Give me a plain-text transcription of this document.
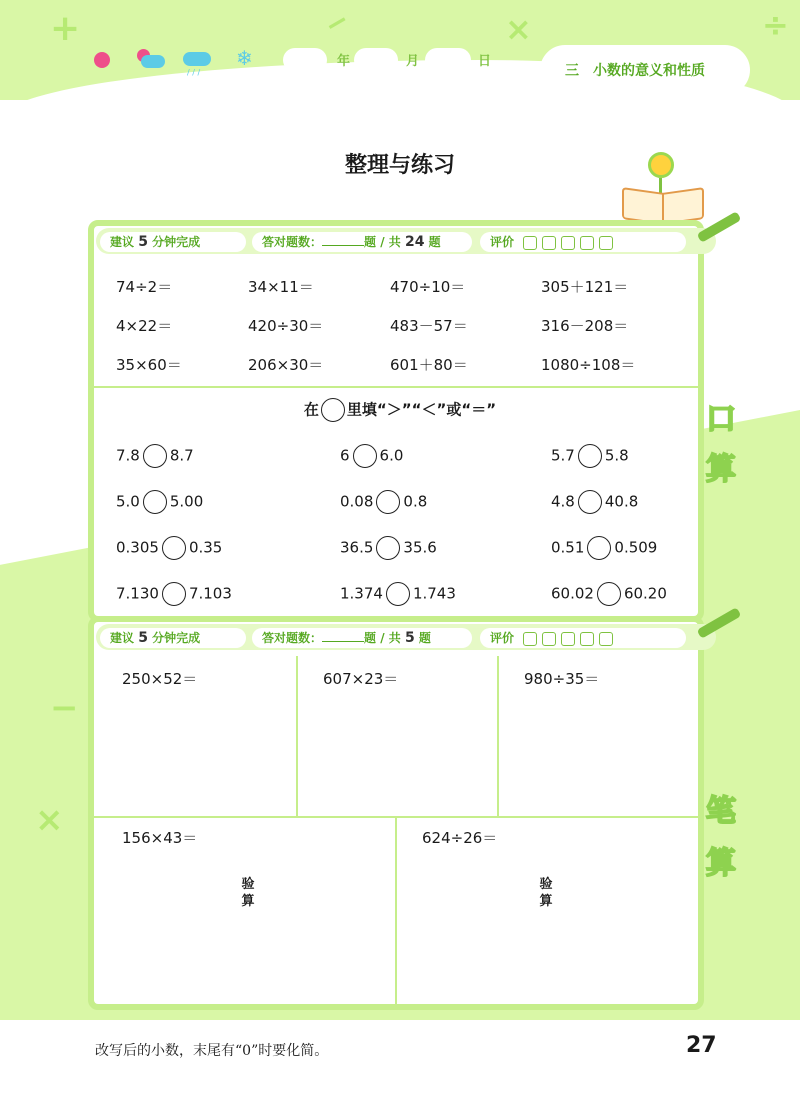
+	×	÷
−
/ / /
❄	年	月	日
三　小数的意义和性质
整理与练习
−
×
建议 5 分钟完成	答对题数：	题 / 共 24 题	评价
74÷2＝	34×11＝	470÷10＝	305＋121＝
4×22＝	420÷30＝	483－57＝	316－208＝
35×60＝	206×30＝	601＋80＝	1080÷108＝
在 里填“＞”“＜”或“＝”
7.8 8.7	6 6.0	5.7 5.8
5.0 5.00	0.08 0.8	4.8 40.8
0.305 0.35	36.5 35.6	0.51 0.509
7.130 7.103	1.374 1.743	60.02 60.20
口
算
建议 5 分钟完成	答对题数：	题 / 共 5 题	评价
250×52＝	607×23＝	980÷35＝
156×43＝	624÷26＝
验
算
验
算
笔
算
改写后的小数，末尾有“0”时要化简。	27
